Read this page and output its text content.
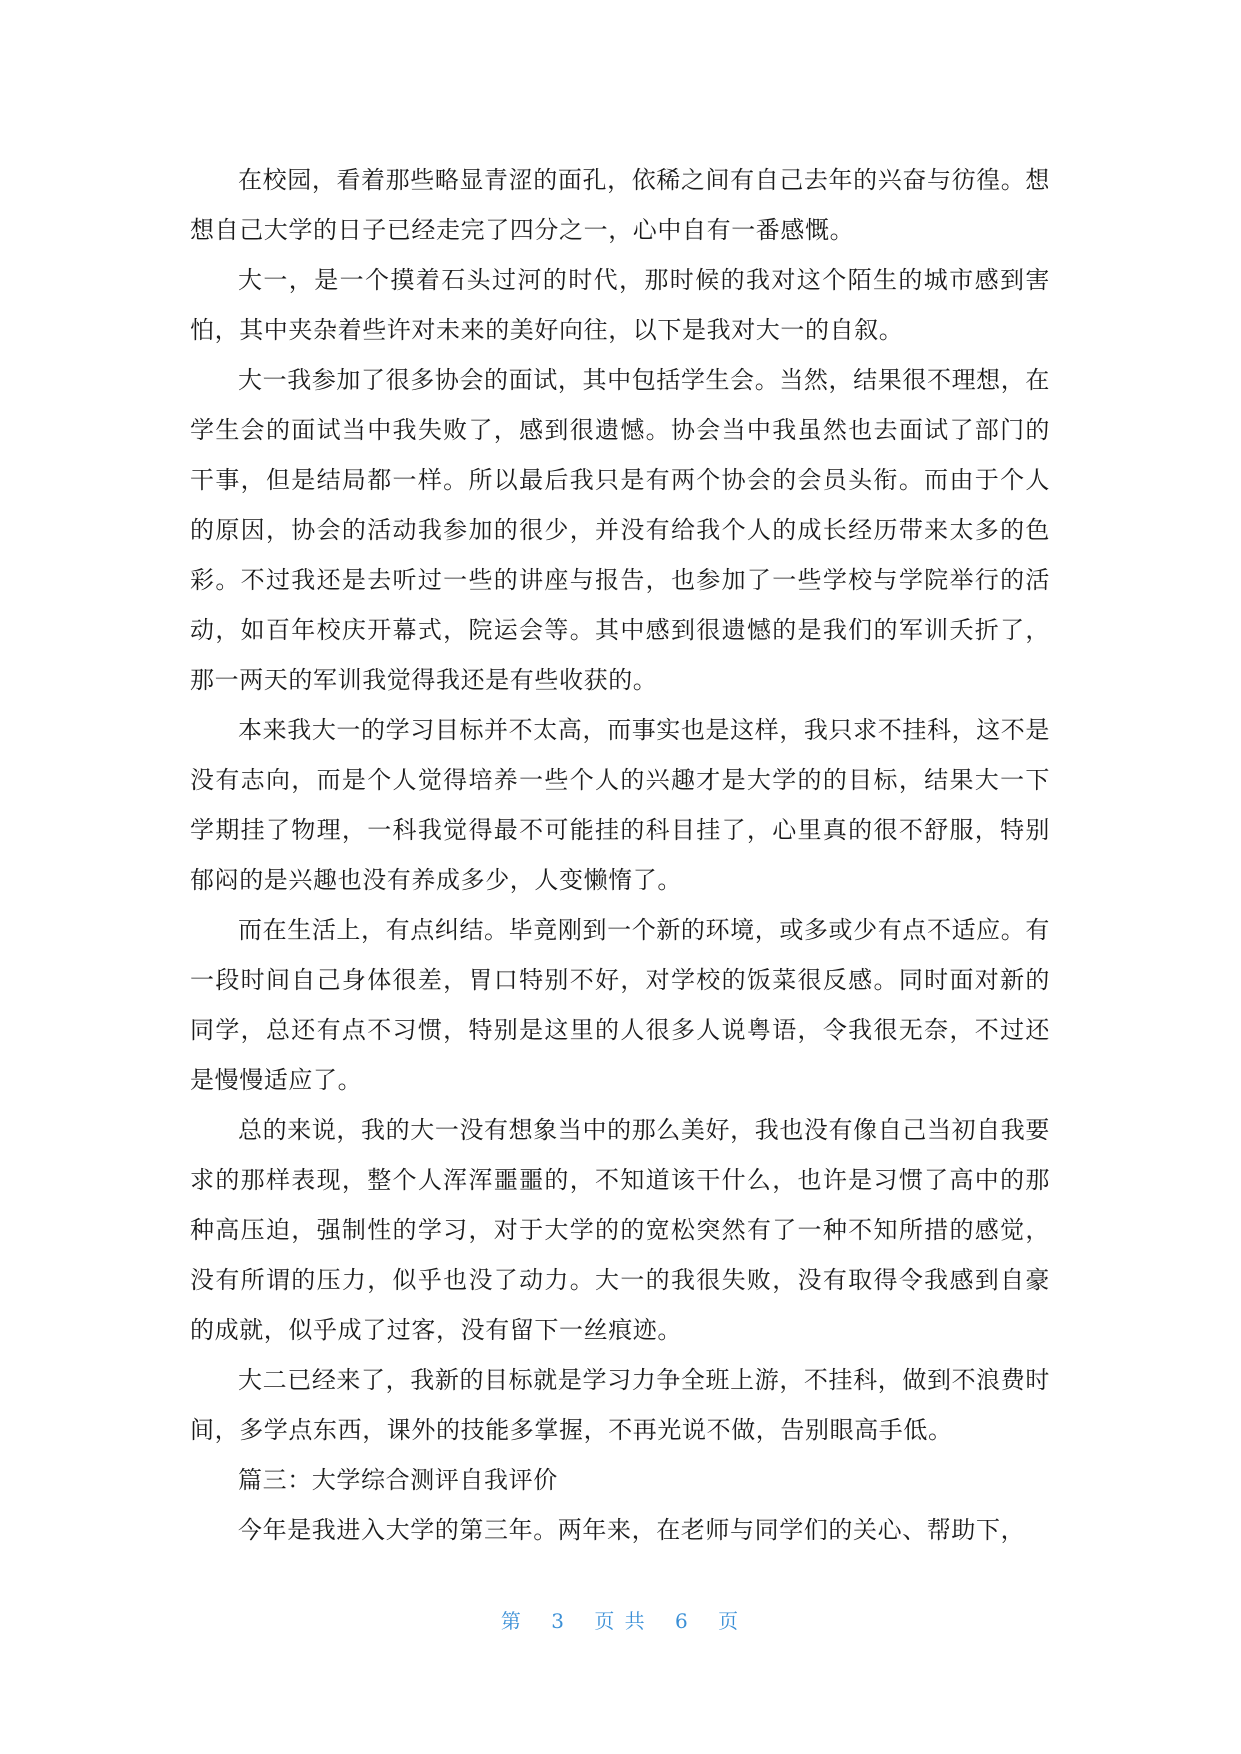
在校园，看着那些略显青涩的面孔，依稀之间有自己去年的兴奋与彷徨。想想自己大学的日子已经走完了四分之一，心中自有一番感慨。

大一，是一个摸着石头过河的时代，那时候的我对这个陌生的城市感到害怕，其中夹杂着些许对未来的美好向往，以下是我对大一的自叙。

大一我参加了很多协会的面试，其中包括学生会。当然，结果很不理想，在学生会的面试当中我失败了，感到很遗憾。协会当中我虽然也去面试了部门的干事，但是结局都一样。所以最后我只是有两个协会的会员头衔。而由于个人的原因，协会的活动我参加的很少，并没有给我个人的成长经历带来太多的色彩。不过我还是去听过一些的讲座与报告，也参加了一些学校与学院举行的活动，如百年校庆开幕式，院运会等。其中感到很遗憾的是我们的军训夭折了，那一两天的军训我觉得我还是有些收获的。

本来我大一的学习目标并不太高，而事实也是这样，我只求不挂科，这不是没有志向，而是个人觉得培养一些个人的兴趣才是大学的的目标，结果大一下学期挂了物理，一科我觉得最不可能挂的科目挂了，心里真的很不舒服，特别郁闷的是兴趣也没有养成多少，人变懒惰了。

而在生活上，有点纠结。毕竟刚到一个新的环境，或多或少有点不适应。有一段时间自己身体很差，胃口特别不好，对学校的饭菜很反感。同时面对新的同学，总还有点不习惯，特别是这里的人很多人说粤语，令我很无奈，不过还是慢慢适应了。

总的来说，我的大一没有想象当中的那么美好，我也没有像自己当初自我要求的那样表现，整个人浑浑噩噩的，不知道该干什么，也许是习惯了高中的那种高压迫，强制性的学习，对于大学的的宽松突然有了一种不知所措的感觉，没有所谓的压力，似乎也没了动力。大一的我很失败，没有取得令我感到自豪的成就，似乎成了过客，没有留下一丝痕迹。

大二已经来了，我新的目标就是学习力争全班上游，不挂科，做到不浪费时间，多学点东西，课外的技能多掌握，不再光说不做，告别眼高手低。

篇三：大学综合测评自我评价

今年是我进入大学的第三年。两年来，在老师与同学们的关心、帮助下，

第 3 页 共 6 页
